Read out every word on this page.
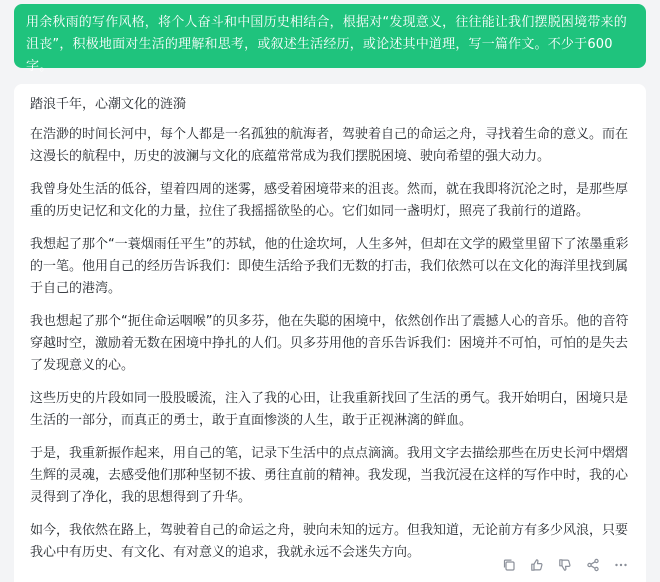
用余秋雨的写作风格，将个人奋斗和中国历史相结合，根据对“发现意义，往往能让我们摆脱困境带来的沮丧”，积极地面对生活的理解和思考，或叙述生活经历，或论述其中道理，写一篇作文。不少于600字。
踏浪千年，心潮文化的涟漪

在浩渺的时间长河中，每个人都是一名孤独的航海者，驾驶着自己的命运之舟，寻找着生命的意义。而在这漫长的航程中，历史的波澜与文化的底蕴常常成为我们摆脱困境、驶向希望的强大动力。

我曾身处生活的低谷，望着四周的迷雾，感受着困境带来的沮丧。然而，就在我即将沉沦之时，是那些厚重的历史记忆和文化的力量，拉住了我摇摇欲坠的心。它们如同一盏明灯，照亮了我前行的道路。

我想起了那个“一蓑烟雨任平生”的苏轼，他的仕途坎坷，人生多舛，但却在文学的殿堂里留下了浓墨重彩的一笔。他用自己的经历告诉我们：即使生活给予我们无数的打击，我们依然可以在文化的海洋里找到属于自己的港湾。

我也想起了那个“扼住命运咽喉”的贝多芬，他在失聪的困境中，依然创作出了震撼人心的音乐。他的音符穿越时空，激励着无数在困境中挣扎的人们。贝多芬用他的音乐告诉我们：困境并不可怕，可怕的是失去了发现意义的心。

这些历史的片段如同一股股暖流，注入了我的心田，让我重新找回了生活的勇气。我开始明白，困境只是生活的一部分，而真正的勇士，敢于直面惨淡的人生，敢于正视淋漓的鲜血。

于是，我重新振作起来，用自己的笔，记录下生活中的点点滴滴。我用文字去描绘那些在历史长河中熠熠生辉的灵魂，去感受他们那种坚韧不拔、勇往直前的精神。我发现，当我沉浸在这样的写作中时，我的心灵得到了净化，我的思想得到了升华。

如今，我依然在路上，驾驶着自己的命运之舟，驶向未知的远方。但我知道，无论前方有多少风浪，只要我心中有历史、有文化、有对意义的追求，我就永远不会迷失方向。
